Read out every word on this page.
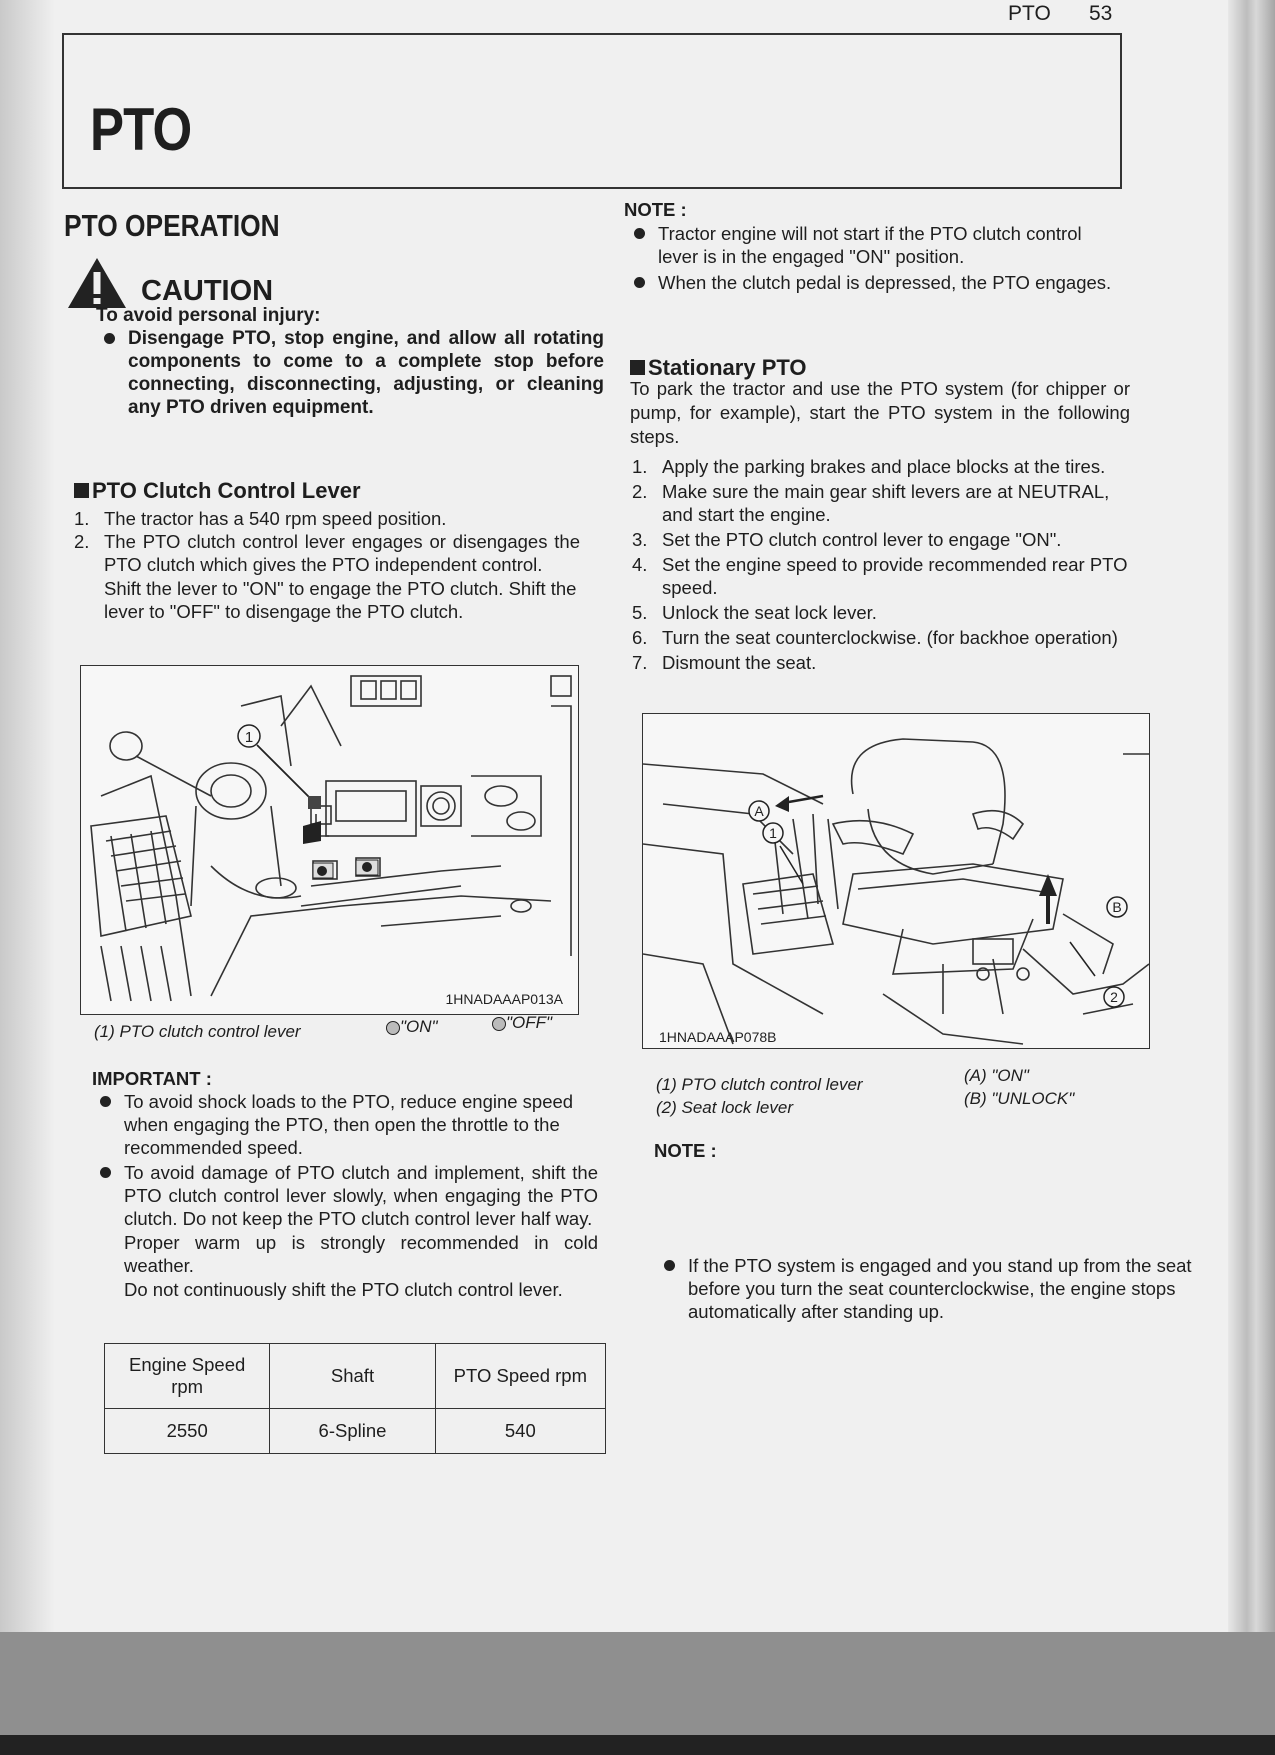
PTO 53
PTO
PTO OPERATION
CAUTION
To avoid personal injury:
Disengage PTO, stop engine, and allow all rotating components to come to a complete stop before connecting, disconnecting, adjusting, or cleaning any PTO driven equipment.
PTO Clutch Control Lever
1. The tractor has a 540 rpm speed position.
2. The PTO clutch control lever engages or disengages the PTO clutch which gives the PTO independent control.
Shift the lever to "ON" to engage the PTO clutch. Shift the lever to "OFF" to disengage the PTO clutch.
1
1HNADAAAP013A
(1) PTO clutch control lever	"ON"	"OFF"
IMPORTANT :
To avoid shock loads to the PTO, reduce engine speed when engaging the PTO, then open the throttle to the recommended speed.
To avoid damage of PTO clutch and implement, shift the PTO clutch control lever slowly, when engaging the PTO clutch. Do not keep the PTO clutch control lever half way.
Proper warm up is strongly recommended in cold weather.
Do not continuously shift the PTO clutch control lever.
Engine Speed rpm	Shaft	PTO Speed rpm
2550	6-Spline	540
NOTE :
Tractor engine will not start if the PTO clutch control lever is in the engaged "ON" position.
When the clutch pedal is depressed, the PTO engages.
Stationary PTO
To park the tractor and use the PTO system (for chipper or pump, for example), start the PTO system in the following steps.
1. Apply the parking brakes and place blocks at the tires.
2. Make sure the main gear shift levers are at NEUTRAL, and start the engine.
3. Set the PTO clutch control lever to engage "ON".
4. Set the engine speed to provide recommended rear PTO speed.
5. Unlock the seat lock lever.
6. Turn the seat counterclockwise. (for backhoe operation)
7. Dismount the seat.
A
1
B
2
1HNADAAAP078B
(1) PTO clutch control lever
(2) Seat lock lever
(A) "ON"
(B) "UNLOCK"
NOTE :
If the PTO system is engaged and you stand up from the seat before you turn the seat counterclockwise, the engine stops automatically after standing up.
